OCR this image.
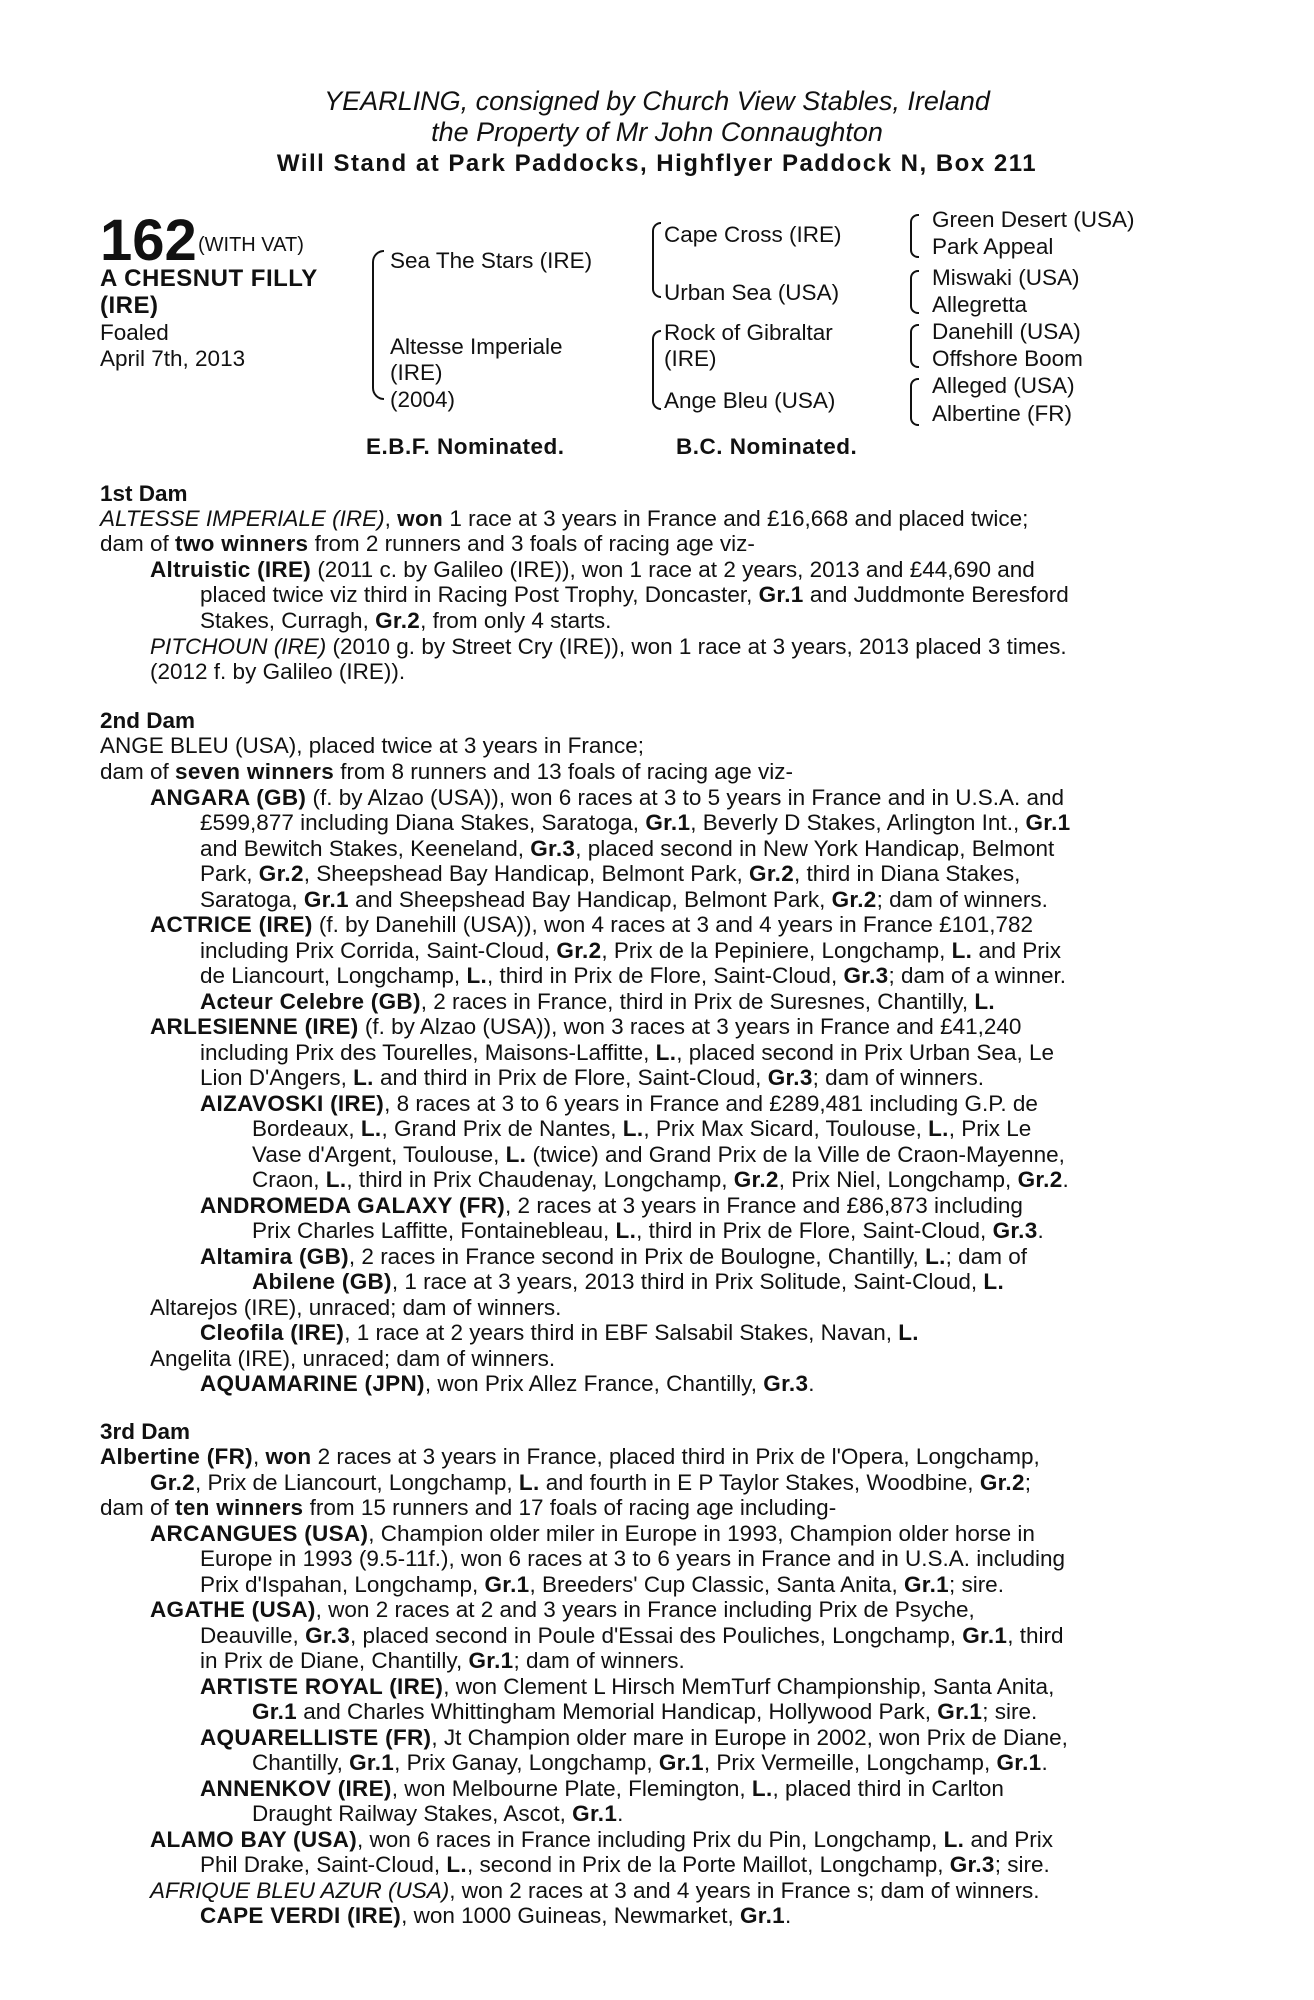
YEARLING, consigned by Church View Stables, Ireland
the Property of Mr John Connaughton
Will Stand at Park Paddocks, Highflyer Paddock N, Box 211
162 (WITH VAT)
A CHESNUT FILLY
(IRE)
Foaled
April 7th, 2013
Sea The Stars (IRE)
Altesse Imperiale
(IRE)
(2004)
Cape Cross (IRE)
Urban Sea (USA)
Rock of Gibraltar
(IRE)
Ange Bleu (USA)
Green Desert (USA)
Park Appeal
Miswaki (USA)
Allegretta
Danehill (USA)
Offshore Boom
Alleged (USA)
Albertine (FR)
E.B.F. Nominated.	B.C. Nominated.
1st Dam
ALTESSE IMPERIALE (IRE), won 1 race at 3 years in France and £16,668 and placed twice;
dam of two winners from 2 runners and 3 foals of racing age viz-
Altruistic (IRE) (2011 c. by Galileo (IRE)), won 1 race at 2 years, 2013 and £44,690 and
placed twice viz third in Racing Post Trophy, Doncaster, Gr.1 and Juddmonte Beresford
Stakes, Curragh, Gr.2, from only 4 starts.
PITCHOUN (IRE) (2010 g. by Street Cry (IRE)), won 1 race at 3 years, 2013 placed 3 times.
(2012 f. by Galileo (IRE)).
2nd Dam
ANGE BLEU (USA), placed twice at 3 years in France;
dam of seven winners from 8 runners and 13 foals of racing age viz-
ANGARA (GB) (f. by Alzao (USA)), won 6 races at 3 to 5 years in France and in U.S.A. and
£599,877 including Diana Stakes, Saratoga, Gr.1, Beverly D Stakes, Arlington Int., Gr.1
and Bewitch Stakes, Keeneland, Gr.3, placed second in New York Handicap, Belmont
Park, Gr.2, Sheepshead Bay Handicap, Belmont Park, Gr.2, third in Diana Stakes,
Saratoga, Gr.1 and Sheepshead Bay Handicap, Belmont Park, Gr.2; dam of winners.
ACTRICE (IRE) (f. by Danehill (USA)), won 4 races at 3 and 4 years in France £101,782
including Prix Corrida, Saint-Cloud, Gr.2, Prix de la Pepiniere, Longchamp, L. and Prix
de Liancourt, Longchamp, L., third in Prix de Flore, Saint-Cloud, Gr.3; dam of a winner.
Acteur Celebre (GB), 2 races in France, third in Prix de Suresnes, Chantilly, L.
ARLESIENNE (IRE) (f. by Alzao (USA)), won 3 races at 3 years in France and £41,240
including Prix des Tourelles, Maisons-Laffitte, L., placed second in Prix Urban Sea, Le
Lion D'Angers, L. and third in Prix de Flore, Saint-Cloud, Gr.3; dam of winners.
AIZAVOSKI (IRE), 8 races at 3 to 6 years in France and £289,481 including G.P. de
Bordeaux, L., Grand Prix de Nantes, L., Prix Max Sicard, Toulouse, L., Prix Le
Vase d'Argent, Toulouse, L. (twice) and Grand Prix de la Ville de Craon-Mayenne,
Craon, L., third in Prix Chaudenay, Longchamp, Gr.2, Prix Niel, Longchamp, Gr.2.
ANDROMEDA GALAXY (FR), 2 races at 3 years in France and £86,873 including
Prix Charles Laffitte, Fontainebleau, L., third in Prix de Flore, Saint-Cloud, Gr.3.
Altamira (GB), 2 races in France second in Prix de Boulogne, Chantilly, L.; dam of
Abilene (GB), 1 race at 3 years, 2013 third in Prix Solitude, Saint-Cloud, L.
Altarejos (IRE), unraced; dam of winners.
Cleofila (IRE), 1 race at 2 years third in EBF Salsabil Stakes, Navan, L.
Angelita (IRE), unraced; dam of winners.
AQUAMARINE (JPN), won Prix Allez France, Chantilly, Gr.3.
3rd Dam
Albertine (FR), won 2 races at 3 years in France, placed third in Prix de l'Opera, Longchamp,
Gr.2, Prix de Liancourt, Longchamp, L. and fourth in E P Taylor Stakes, Woodbine, Gr.2;
dam of ten winners from 15 runners and 17 foals of racing age including-
ARCANGUES (USA), Champion older miler in Europe in 1993, Champion older horse in
Europe in 1993 (9.5-11f.), won 6 races at 3 to 6 years in France and in U.S.A. including
Prix d'Ispahan, Longchamp, Gr.1, Breeders' Cup Classic, Santa Anita, Gr.1; sire.
AGATHE (USA), won 2 races at 2 and 3 years in France including Prix de Psyche,
Deauville, Gr.3, placed second in Poule d'Essai des Pouliches, Longchamp, Gr.1, third
in Prix de Diane, Chantilly, Gr.1; dam of winners.
ARTISTE ROYAL (IRE), won Clement L Hirsch MemTurf Championship, Santa Anita,
Gr.1 and Charles Whittingham Memorial Handicap, Hollywood Park, Gr.1; sire.
AQUARELLISTE (FR), Jt Champion older mare in Europe in 2002, won Prix de Diane,
Chantilly, Gr.1, Prix Ganay, Longchamp, Gr.1, Prix Vermeille, Longchamp, Gr.1.
ANNENKOV (IRE), won Melbourne Plate, Flemington, L., placed third in Carlton
Draught Railway Stakes, Ascot, Gr.1.
ALAMO BAY (USA), won 6 races in France including Prix du Pin, Longchamp, L. and Prix
Phil Drake, Saint-Cloud, L., second in Prix de la Porte Maillot, Longchamp, Gr.3; sire.
AFRIQUE BLEU AZUR (USA), won 2 races at 3 and 4 years in France s; dam of winners.
CAPE VERDI (IRE), won 1000 Guineas, Newmarket, Gr.1.
